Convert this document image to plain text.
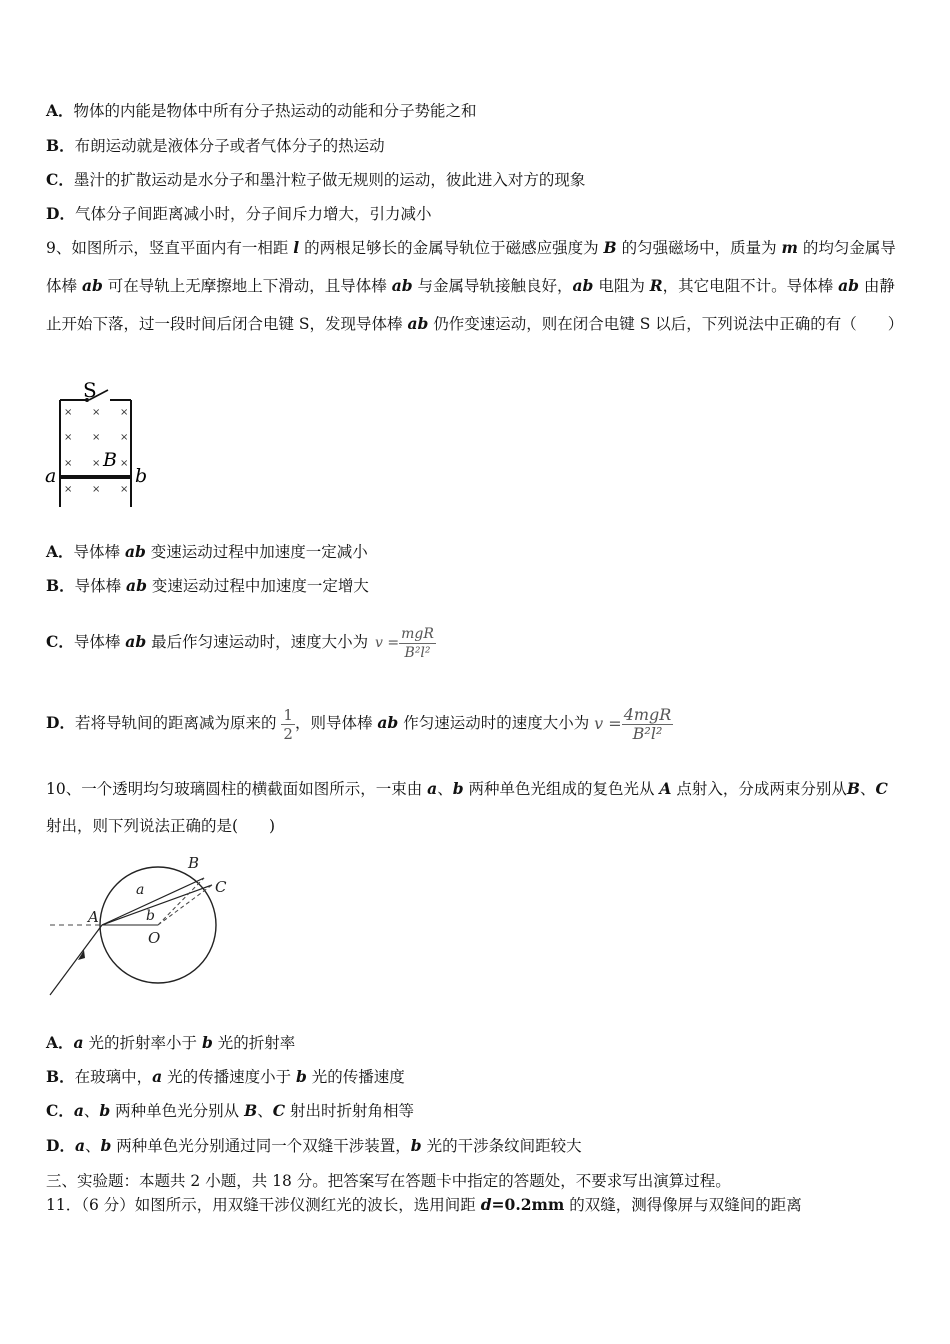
A．物体的内能是物体中所有分子热运动的动能和分子势能之和
B．布朗运动就是液体分子或者气体分子的热运动
C．墨汁的扩散运动是水分子和墨汁粒子做无规则的运动，彼此进入对方的现象
D．气体分子间距离减小时，分子间斥力增大，引力减小
9、如图所示，竖直平面内有一相距 l 的两根足够长的金属导轨位于磁感应强度为 B 的匀强磁场中，质量为 m 的均匀金属导体棒 ab 可在导轨上无摩擦地上下滑动，且导体棒 ab 与金属导轨接触良好，ab 电阻为 R，其它电阻不计。导体棒 ab 由静止开始下落，过一段时间后闭合电键 S，发现导体棒 ab 仍作变速运动，则在闭合电键 S 以后，下列说法中正确的有（　　）
S
× × ×
× × ×
× × ×
× × ×
B
a	b
A．导体棒 ab 变速运动过程中加速度一定减小
B．导体棒 ab 变速运动过程中加速度一定增大
C．导体棒 ab 最后作匀速运动时，速度大小为 $v = \frac{\text{mgR}}{\text{B²l²}}$
D．若将导轨间的距离减为原来的 $\frac{1}{2}$ ，则导体棒 ab 作匀速运动时的速度大小为 $v = \frac{\text{4mgR}}{\text{B²l²}}$
10、一个透明均匀玻璃圆柱的横截面如图所示，一束由 a、b 两种单色光组成的复色光从 A 点射入，分成两束分别从B、C 射出，则下列说法正确的是(　　)
A
B
C
O
a
b
A．a 光的折射率小于 b 光的折射率
B．在玻璃中，a 光的传播速度小于 b 光的传播速度
C．a、b 两种单色光分别从 B、C 射出时折射角相等
D．a、b 两种单色光分别通过同一个双缝干涉装置，b 光的干涉条纹间距较大
三、实验题：本题共 2 小题，共 18 分。把答案写在答题卡中指定的答题处，不要求写出演算过程。
11．（6 分）如图所示，用双缝干涉仪测红光的波长，选用间距 d=0.2mm 的双缝，测得像屏与双缝间的距离
